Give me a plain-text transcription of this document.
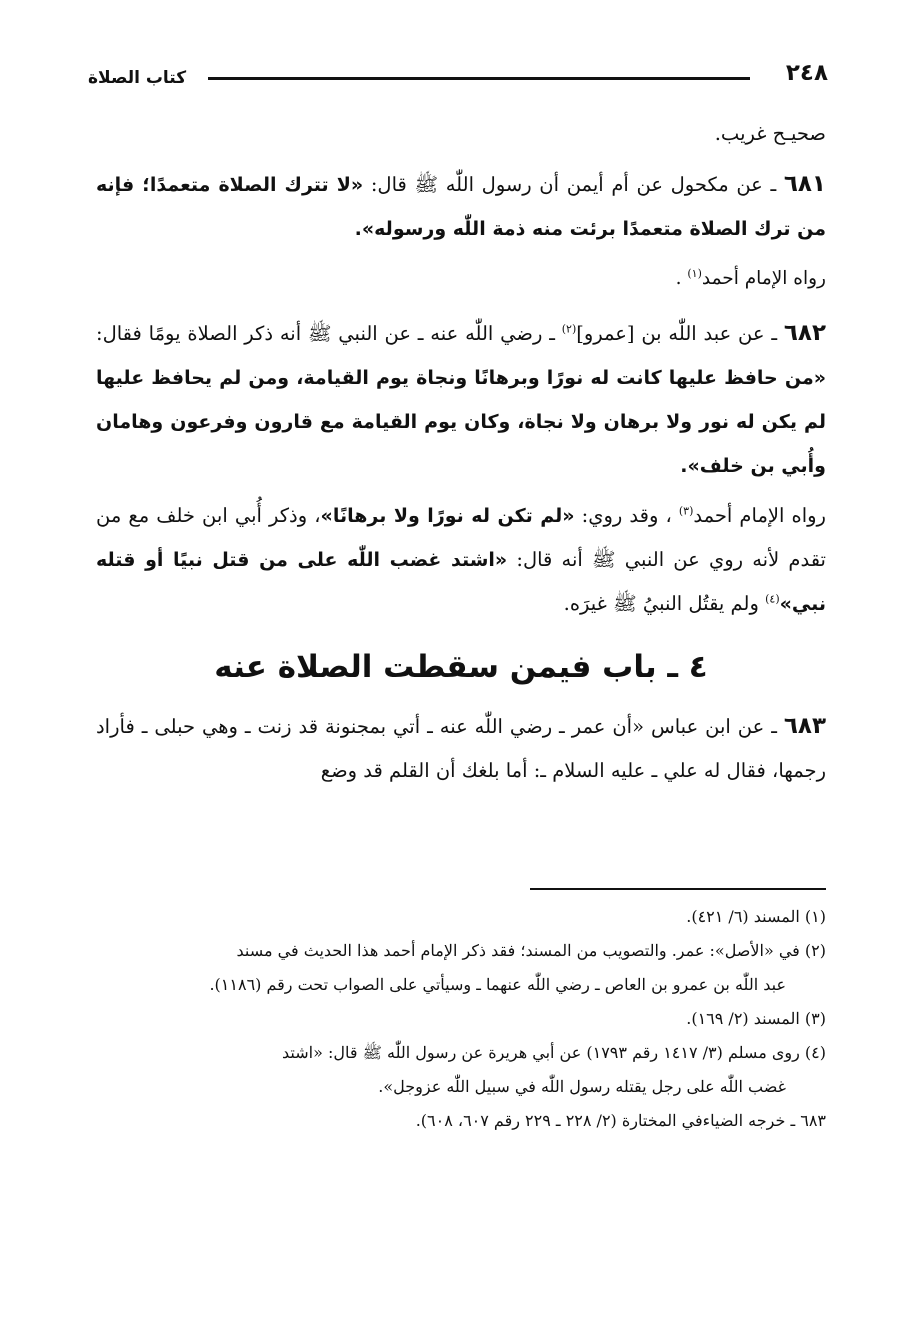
٢٤٨
كتاب الصلاة

صحيـح غريب.

٦٨١ ـ عن مكحول عن أم أيمن أن رسول اللّٰه ﷺ قال: «لا تترك الصلاة متعمدًا؛ فإنه من ترك الصلاة متعمدًا برئت منه ذمة اللّٰه ورسوله».

رواه الإمام أحمد$^{(١)}$ .

٦٨٢ ـ عن عبد اللّٰه بن [عمرو]$^{(٢)}$ ـ رضي اللّٰه عنه ـ عن النبي ﷺ أنه ذكر الصلاة يومًا فقال: «من حافظ عليها كانت له نورًا وبرهانًا ونجاة يوم القيامة، ومن لم يحافظ عليها لم يكن له نور ولا برهان ولا نجاة، وكان يوم القيامة مع قارون وفرعون وهامان وأُبي بن خلف».

رواه الإمام أحمد$^{(٣)}$ ، وقد روي: «لم تكن له نورًا ولا برهانًا»، وذكر أُبي ابن خلف مع من تقدم لأنه روي عن النبي ﷺ أنه قال: «اشتد غضب اللّٰه على من قتل نبيًا أو قتله نبي»$^{(٤)}$ ولم يقتُل النبيُ ﷺ غيرَه.

٤ ـ باب فيمن سقطت الصلاة عنه

٦٨٣ ـ عن ابن عباس «أن عمر ـ رضي اللّٰه عنه ـ أتي بمجنونة قد زنت ـ وهي حبلى ـ فأراد رجمها، فقال له علي ـ عليه السلام ـ: أما بلغك أن القلم قد وضع

(١) المسند (٦/ ٤٢١).

(٢) في «الأصل»: عمر. والتصويب من المسند؛ فقد ذكر الإمام أحمد هذا الحديث في مسند

عبد اللّٰه بن عمرو بن العاص ـ رضي اللّٰه عنهما ـ وسيأتي على الصواب تحت رقم (١١٨٦).

(٣) المسند (٢/ ١٦٩).

(٤) روى مسلم (٣/ ١٤١٧ رقم ١٧٩٣) عن أبي هريرة عن رسول اللّٰه ﷺ قال: «اشتد

غضب اللّٰه على رجل يقتله رسول اللّٰه في سبيل اللّٰه عزوجل».

٦٨٣ ـ خرجه الضياءفي المختارة (٢/ ٢٢٨ ـ ٢٢٩ رقم ٦٠٧، ٦٠٨).
